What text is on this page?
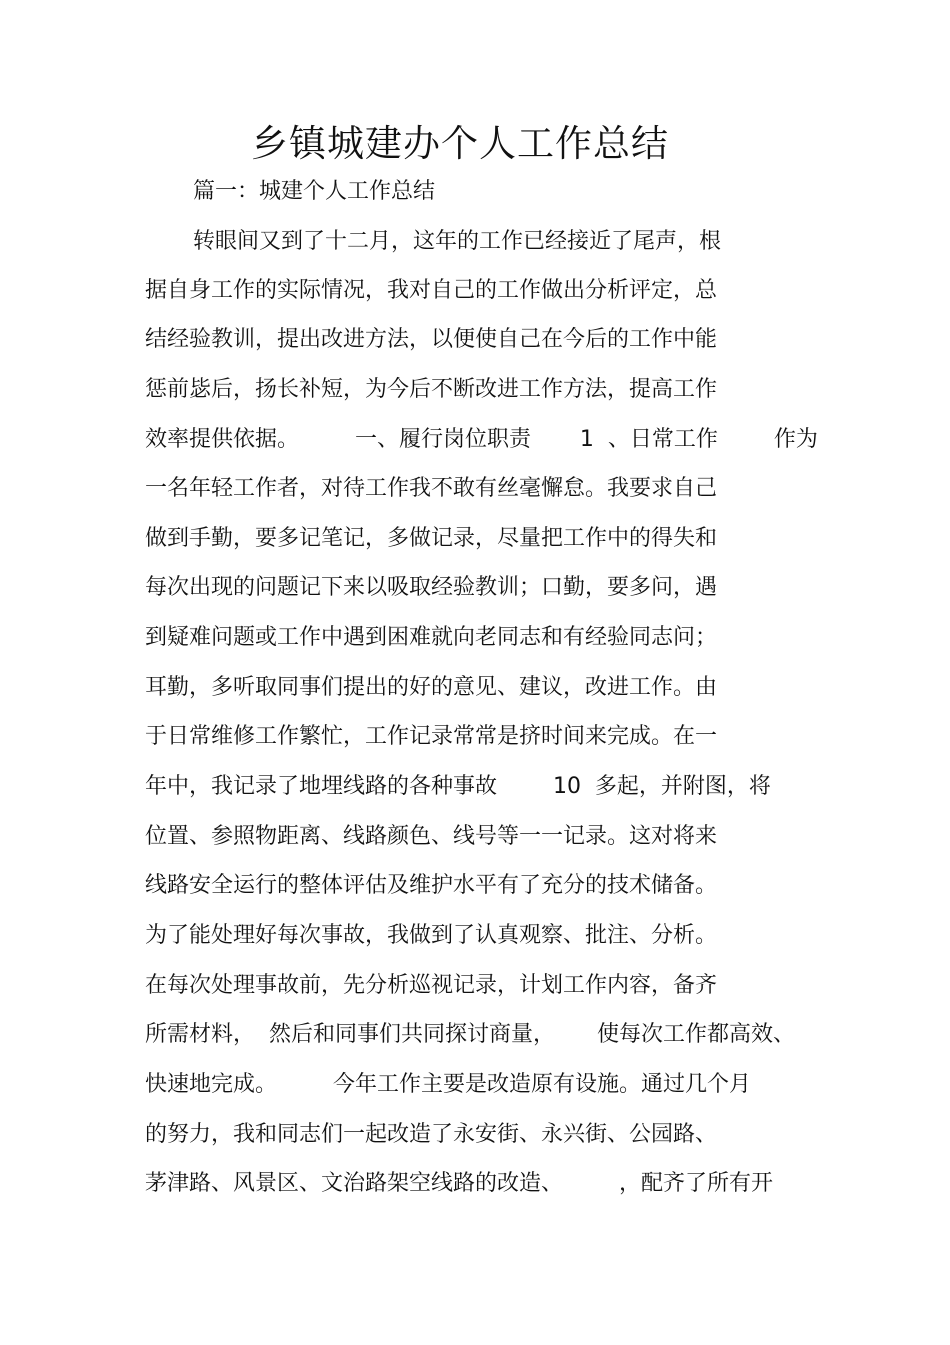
乡镇城建办个人工作总结
篇一：城建个人工作总结
转眼间又到了十二月，这年的工作已经接近了尾声，根
据自身工作的实际情况，我对自己的工作做出分析评定，总
结经验教训，提出改进方法，以便使自己在今后的工作中能
惩前毖后，扬长补短，为今后不断改进工作方法，提高工作
效率提供依据。        一、履行岗位职责       1  、日常工作        作为
一名年轻工作者，对待工作我不敢有丝毫懈怠。我要求自己
做到手勤，要多记笔记，多做记录，尽量把工作中的得失和
每次出现的问题记下来以吸取经验教训；口勤，要多问，遇
到疑难问题或工作中遇到困难就向老同志和有经验同志问；
耳勤，多听取同事们提出的好的意见、建议，改进工作。由
于日常维修工作繁忙，工作记录常常是挤时间来完成。在一
年中，我记录了地埋线路的各种事故        10  多起，并附图，将
位置、参照物距离、线路颜色、线号等一一记录。这对将来
线路安全运行的整体评估及维护水平有了充分的技术储备。
为了能处理好每次事故，我做到了认真观察、批注、分析。
在每次处理事故前，先分析巡视记录，计划工作内容，备齐
所需材料，  然后和同事们共同探讨商量，      使每次工作都高效、
快速地完成。        今年工作主要是改造原有设施。通过几个月
的努力，我和同志们一起改造了永安街、永兴街、公园路、
茅津路、风景区、文治路架空线路的改造、        ，配齐了所有开
